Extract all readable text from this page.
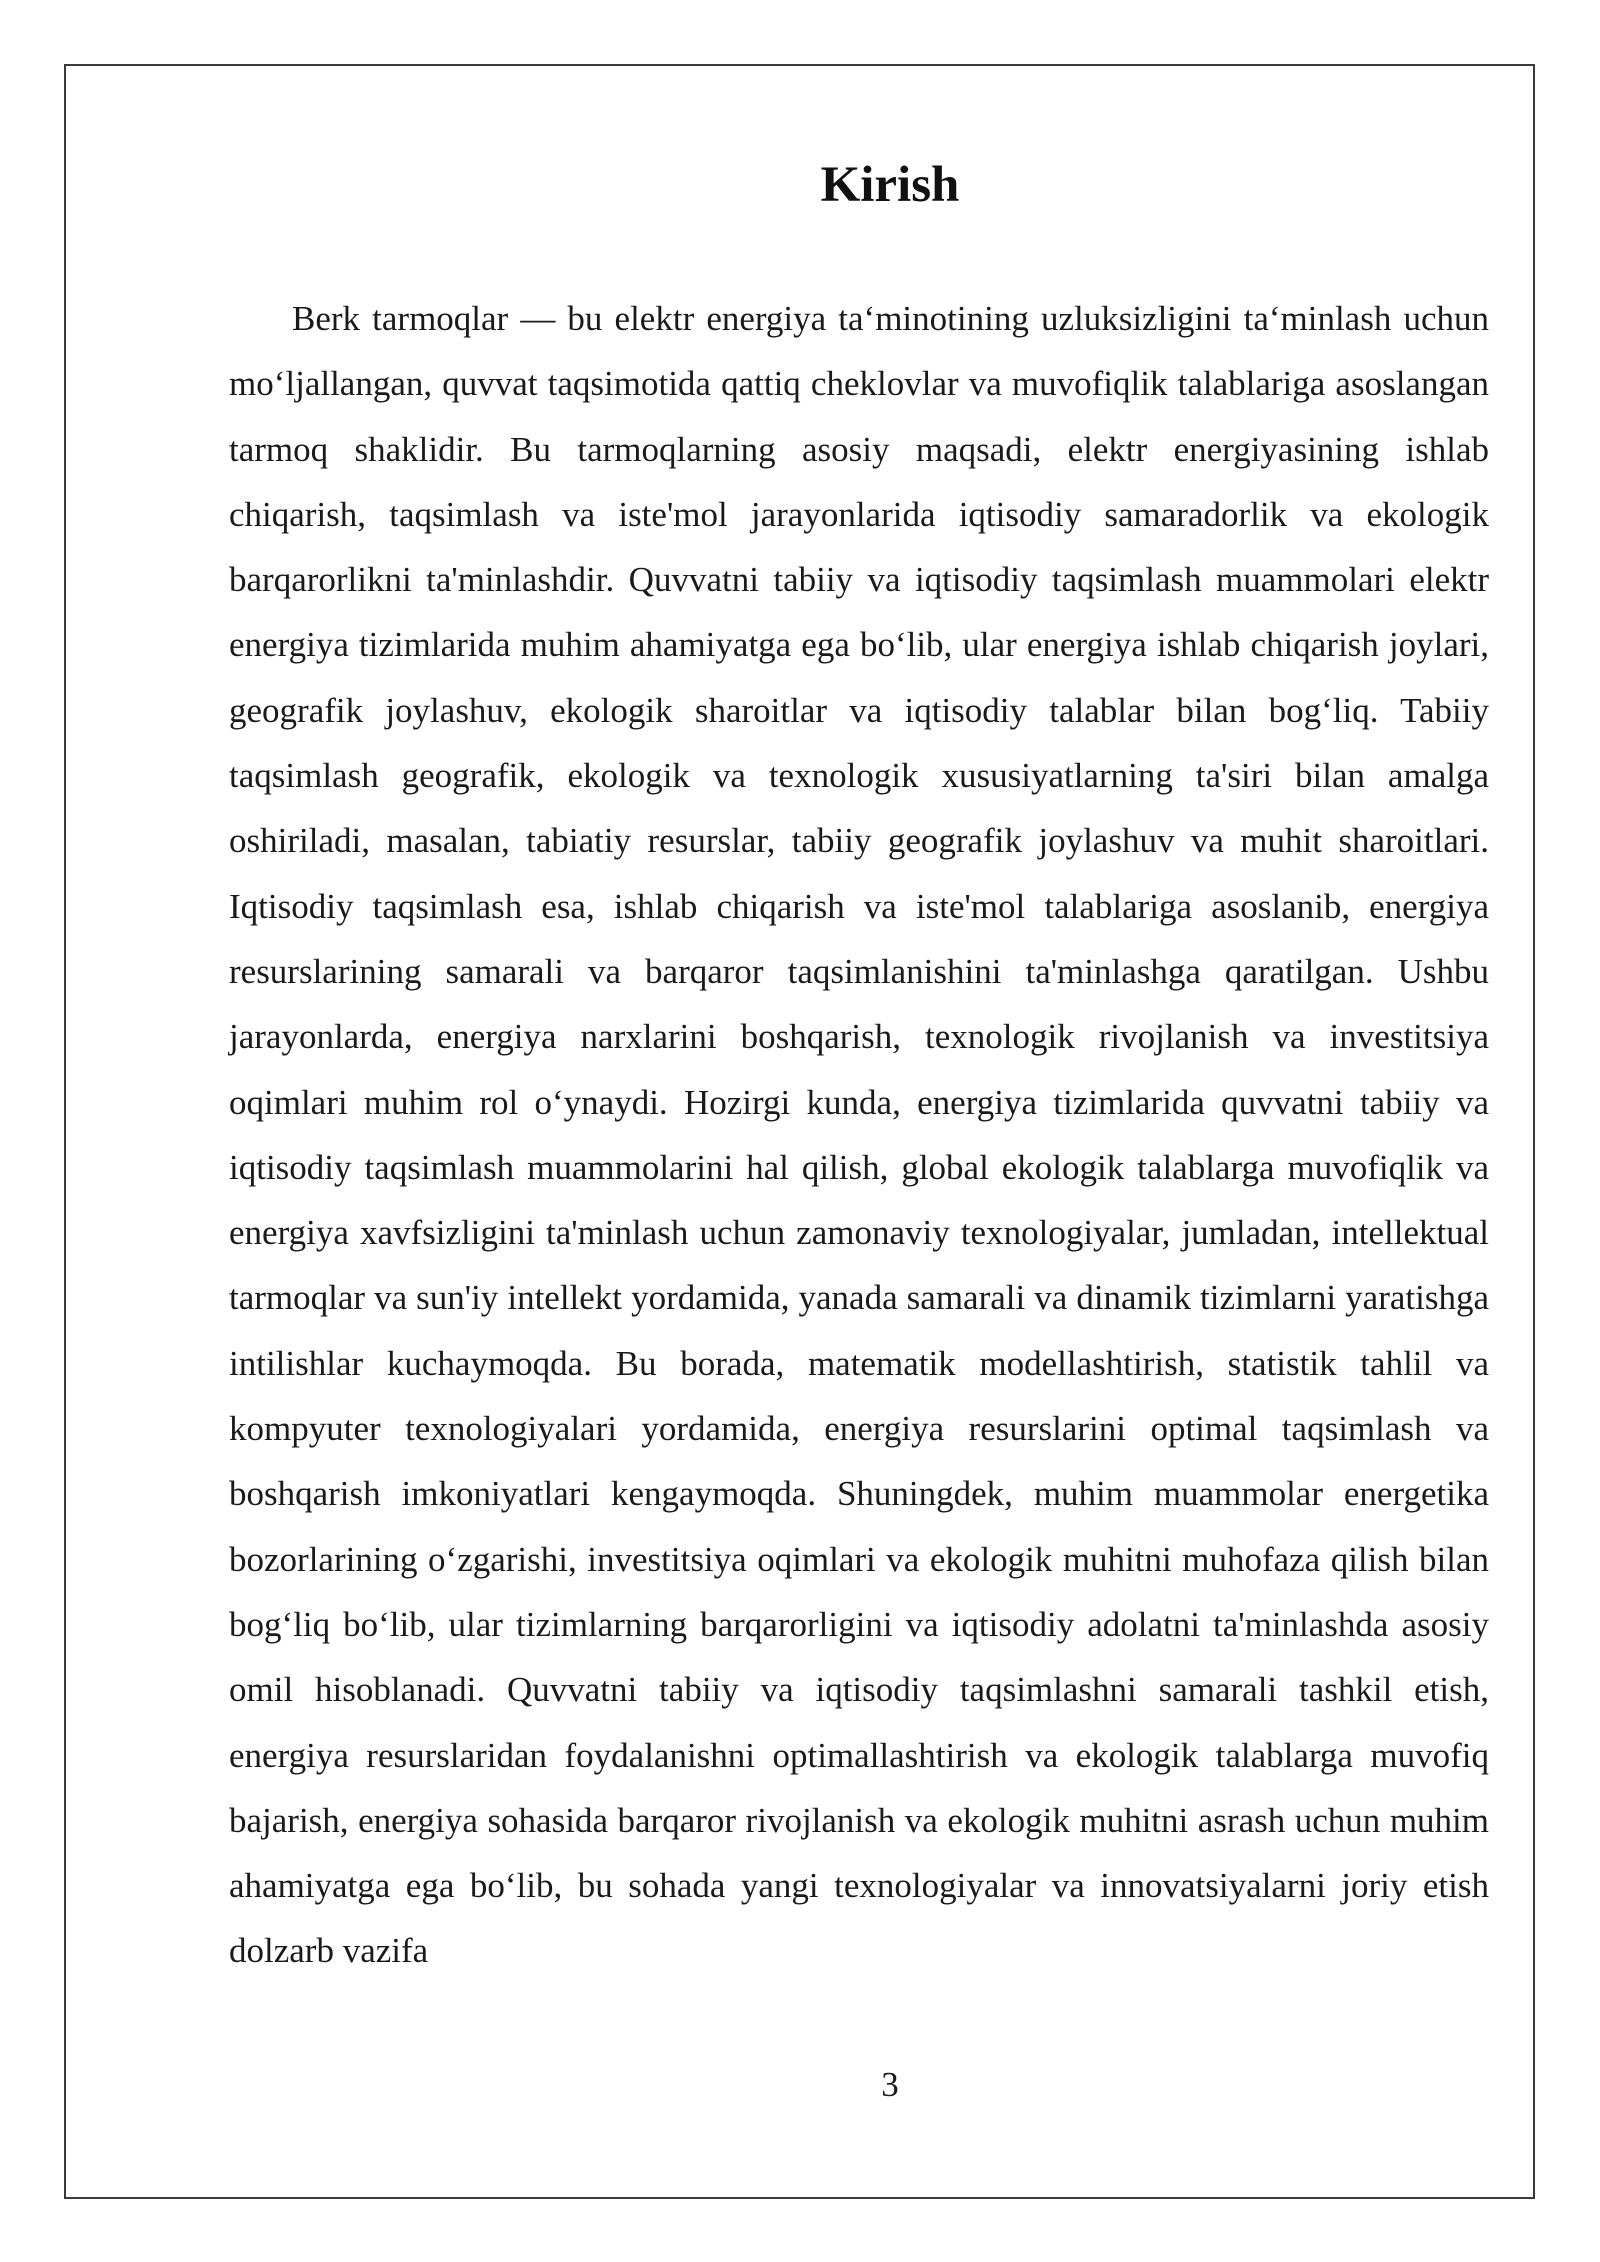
Kirish

Berk tarmoqlar — bu elektr energiya ta‘minotining uzluksizligini ta‘minlash uchun mo‘ljallangan, quvvat taqsimotida qattiq cheklovlar va muvofiqlik talablariga asoslangan tarmoq shaklidir. Bu tarmoqlarning asosiy maqsadi, elektr energiyasining ishlab chiqarish, taqsimlash va iste'mol jarayonlarida iqtisodiy samaradorlik va ekologik barqarorlikni ta'minlashdir. Quvvatni tabiiy va iqtisodiy taqsimlash muammolari elektr energiya tizimlarida muhim ahamiyatga ega bo‘lib, ular energiya ishlab chiqarish joylari, geografik joylashuv, ekologik sharoitlar va iqtisodiy talablar bilan bog‘liq. Tabiiy taqsimlash geografik, ekologik va texnologik xususiyatlarning ta'siri bilan amalga oshiriladi, masalan, tabiatiy resurslar, tabiiy geografik joylashuv va muhit sharoitlari. Iqtisodiy taqsimlash esa, ishlab chiqarish va iste'mol talablariga asoslanib, energiya resurslarining samarali va barqaror taqsimlanishini ta'minlashga qaratilgan. Ushbu jarayonlarda, energiya narxlarini boshqarish, texnologik rivojlanish va investitsiya oqimlari muhim rol o‘ynaydi. Hozirgi kunda, energiya tizimlarida quvvatni tabiiy va iqtisodiy taqsimlash muammolarini hal qilish, global ekologik talablarga muvofiqlik va energiya xavfsizligini ta'minlash uchun zamonaviy texnologiyalar, jumladan, intellektual tarmoqlar va sun'iy intellekt yordamida, yanada samarali va dinamik tizimlarni yaratishga intilishlar kuchaymoqda. Bu borada, matematik modellashtirish, statistik tahlil va kompyuter texnologiyalari yordamida, energiya resurslarini optimal taqsimlash va boshqarish imkoniyatlari kengaymoqda. Shuningdek, muhim muammolar energetika bozorlarining o‘zgarishi, investitsiya oqimlari va ekologik muhitni muhofaza qilish bilan bog‘liq bo‘lib, ular tizimlarning barqarorligini va iqtisodiy adolatni ta'minlashda asosiy omil hisoblanadi. Quvvatni tabiiy va iqtisodiy taqsimlashni samarali tashkil etish, energiya resurslaridan foydalanishni optimallashtirish va ekologik talablarga muvofiq bajarish, energiya sohasida barqaror rivojlanish va ekologik muhitni asrash uchun muhim ahamiyatga ega bo‘lib, bu sohada yangi texnologiyalar va innovatsiyalarni joriy etish dolzarb vazifa

3
